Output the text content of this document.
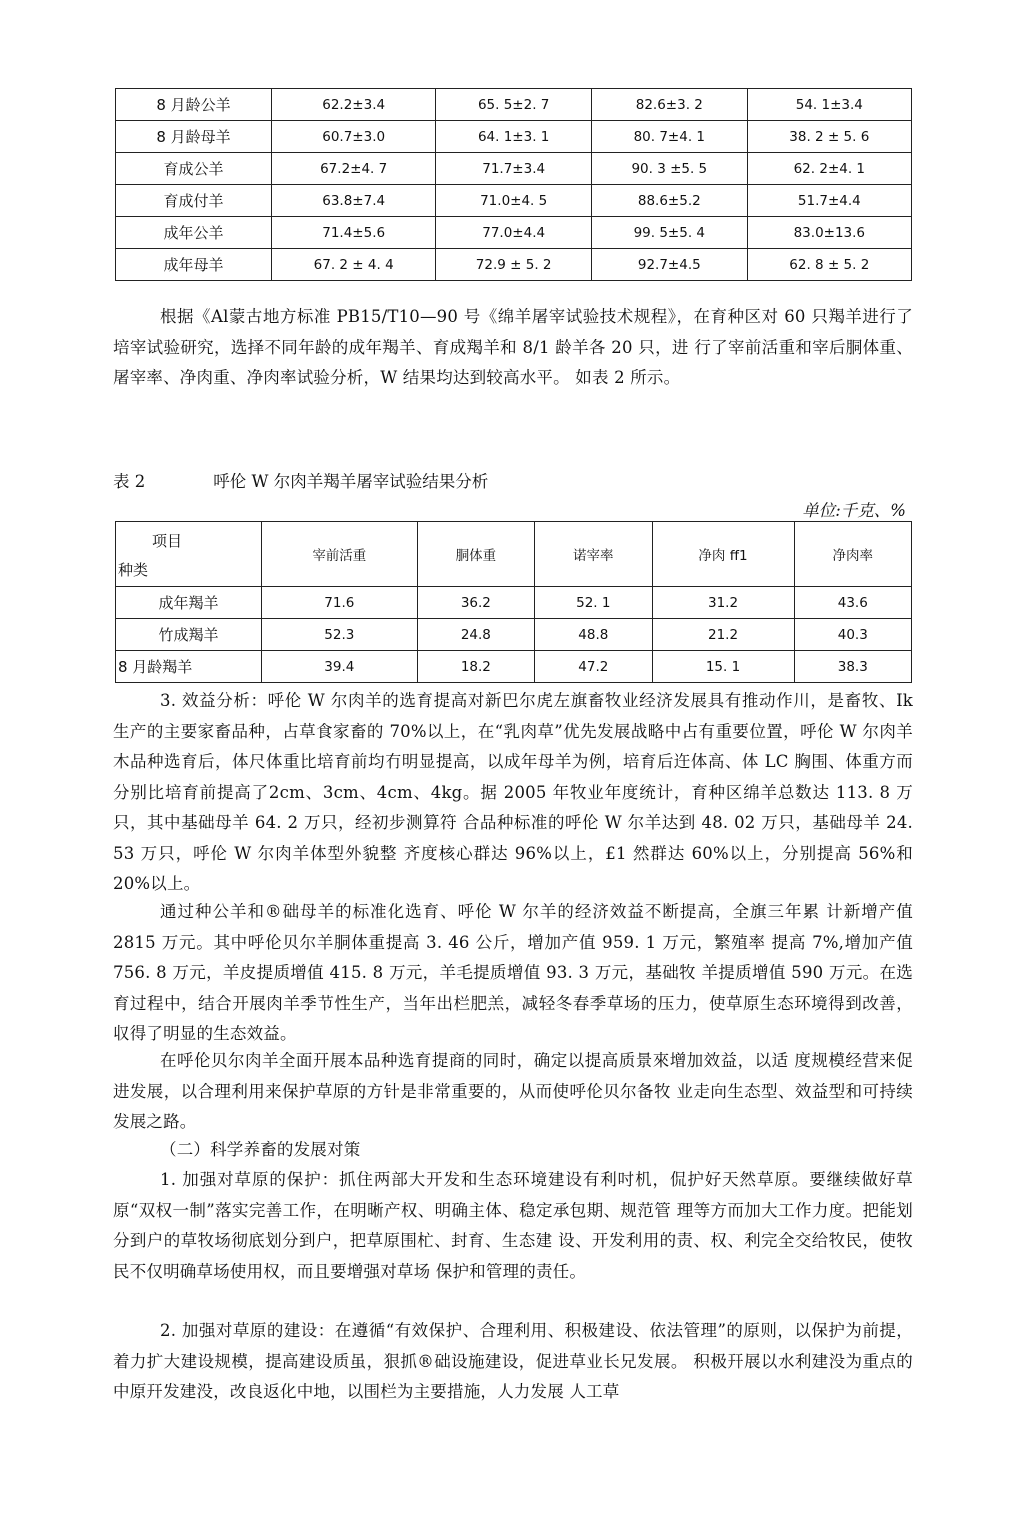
8 月龄公羊	62.2±3.4	65. 5±2. 7	82.6±3. 2	54. 1±3.4
8 月龄母羊	60.7±3.0	64. 1±3. 1	80. 7±4. 1	38. 2 ± 5. 6
育成公羊	67.2±4. 7	71.7±3.4	90. 3 ±5. 5	62. 2±4. 1
育成付羊	63.8±7.4	71.0±4. 5	88.6±5.2	51.7±4.4
成年公羊	71.4±5.6	77.0±4.4	99. 5±5. 4	83.0±13.6
成年母羊	67. 2 ± 4. 4	72.9 ± 5. 2	92.7±4.5	62. 8 ± 5. 2

根据《Al蒙古地方标准 PB15/T10—90 号《绵羊屠宰试验技术规程》，在育种区对 60 只羯羊进行了培宰试验研究，选择不同年龄的成年羯羊、育成羯羊和 8/1 龄羊各 20 只，进 行了宰前活重和宰后胴体重、屠宰率、净肉重、净肉率试验分析，W 结果均达到较高水平。 如表 2 所示。

表 2	呼伦 W 尔肉羊羯羊屠宰试验结果分析
单位:千克、%
项目
种类	宰前活重	胴体重	诺宰率	净肉 ff1	净肉率
成年羯羊	71.6	36.2	52. 1	31.2	43.6
竹成羯羊	52.3	24.8	48.8	21.2	40.3
8 月龄羯羊	39.4	18.2	47.2	15. 1	38.3

3. 效益分析：呼伦 W 尔肉羊的选育提高对新巴尔虎左旗畜牧业经济发展具有推动作川，是畜牧、Ik 生产的主要家畜品种，占草食家畜的 70%以上，在“乳肉草”优先发展战略中占有重要位置，呼伦 W 尔肉羊木品种选育后，体尺体重比培育前均冇明显提高，以成年母羊为例，培育后迕体高、体 LC 胸围、体重方而分别比培育前提高了2cm、3cm、4cm、4kg。据 2005 年牧业年度统计，育种区绵羊总数达 113. 8 万只，其中基础母羊 64. 2 万只，经初步测算符 合品种标准的呼伦 W 尔羊达到 48. 02 万只，基础母羊 24. 53 万只，呼伦 W 尔肉羊体型外貌整 齐度核心群达 96%以上，£1 然群达 60%以上，分别提高 56%和 20%以上。

通过种公羊和®础母羊的标准化选育、呼伦 W 尔羊的经济效益不断提高，全旗三年累 计新增产值 2815 万元。其中呼伦贝尔羊胴体重提高 3. 46 公斤，增加产值 959. 1 万元，繁殖率 提高 7%,增加产值 756. 8 万元，羊皮提质增值 415. 8 万元，羊毛提质增值 93. 3 万元，基础牧 羊提质增值 590 万元。在选育过程中，结合开展肉羊季节性生产，当年出栏肥羔，减轻冬春季草场的压力，使草原生态环境得到改善，収得了明显的生态效益。

在呼伦贝尔肉羊全面幵展本品种选育提商的同时，确定以提高质景來增加效益，以适 度规模经营来促进发展，以合理利用来保护草原的方针是非常重要的，从而使呼伦贝尔备牧 业走向生态型、效益型和可持续发展之路。

（二）科学养畜的发展对策

1. 加强对草原的保护：抓住两部大开发和生态环境建设有利吋机，侃护好天然草原。要继续做好草原“双权一制”落实完善工作，在明晰产权、明确主体、稳定承包期、规范管 理等方而加大工作力度。把能划分到户的草牧场彻底划分到户，把草原围杧、封育、生态建 设、开发利用的责、权、利完全交给牧民，使牧民不仅明确草场使用权，而且要增强对草场 保护和管理的责任。

2. 加强对草原的建设：在遵循“有效保护、合理利用、积极建设、依法管理”的原则，以保护为前提，着力扩大建设规模，提高建设质虽，狠抓®础设施建设，促进草业长兄发展。 积极幵展以水利建没为重点的中原幵发建没，改良返化中地，以围栏为主要措施，人力发展 人工草
